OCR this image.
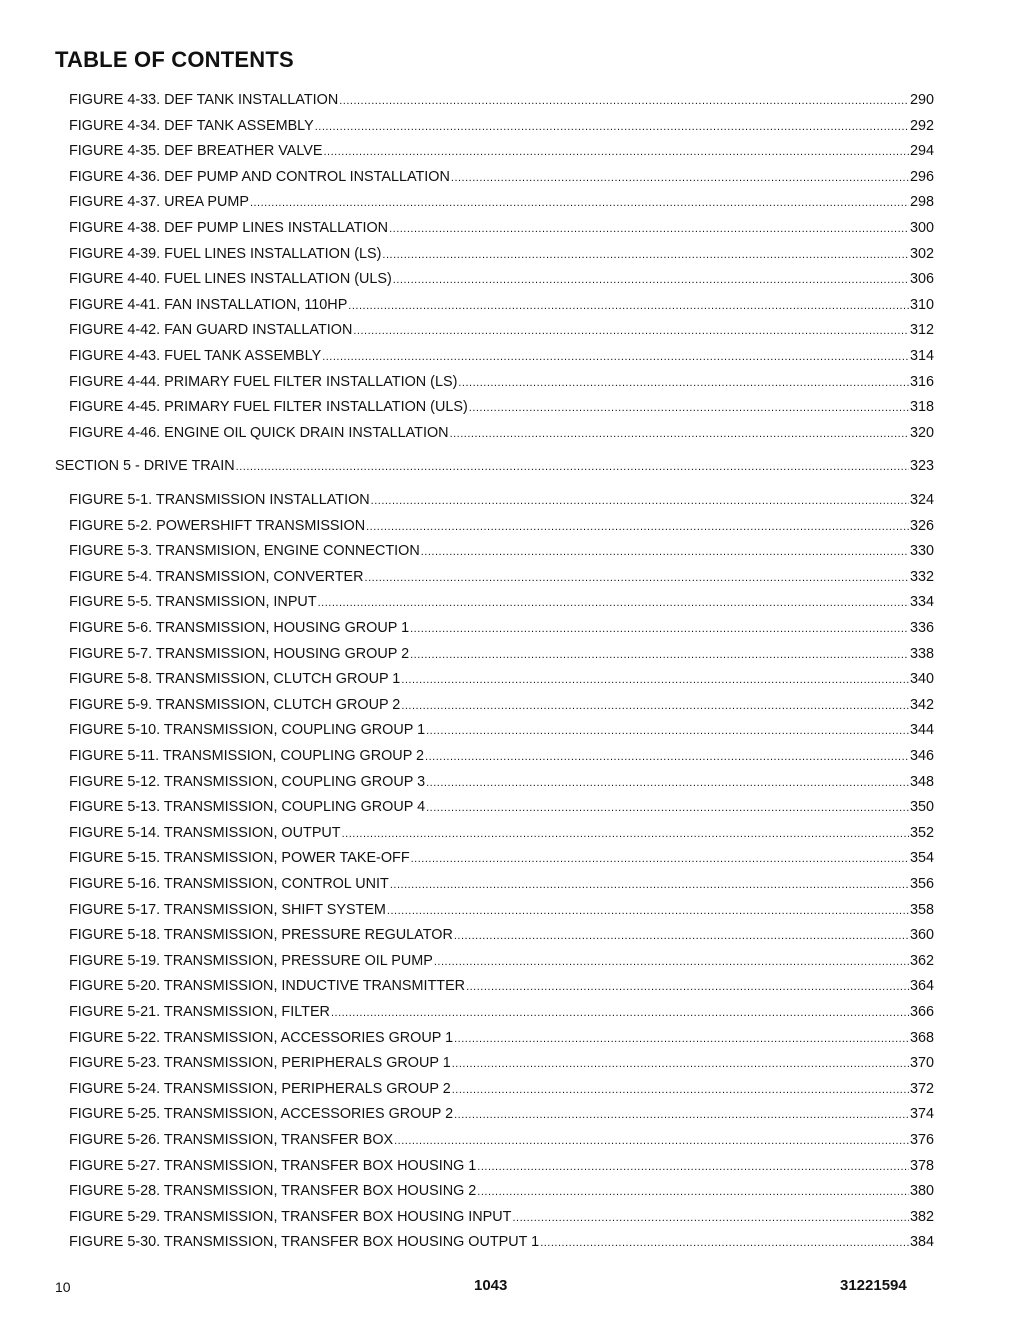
TABLE OF CONTENTS
FIGURE 4-33. DEF TANK INSTALLATION .....	290
FIGURE 4-34. DEF TANK ASSEMBLY .....	292
FIGURE 4-35. DEF BREATHER VALVE .....	294
FIGURE 4-36. DEF PUMP AND CONTROL INSTALLATION .....	296
FIGURE 4-37. UREA PUMP .....	298
FIGURE 4-38. DEF PUMP LINES INSTALLATION .....	300
FIGURE 4-39. FUEL LINES INSTALLATION (LS) .....	302
FIGURE 4-40. FUEL LINES INSTALLATION (ULS) .....	306
FIGURE 4-41. FAN INSTALLATION, 110HP .....	310
FIGURE 4-42. FAN GUARD INSTALLATION .....	312
FIGURE 4-43. FUEL TANK ASSEMBLY .....	314
FIGURE 4-44. PRIMARY FUEL FILTER INSTALLATION (LS) .....	316
FIGURE 4-45. PRIMARY FUEL FILTER INSTALLATION (ULS) .....	318
FIGURE 4-46. ENGINE OIL QUICK DRAIN INSTALLATION .....	320
SECTION 5 - DRIVE TRAIN .....	323
FIGURE 5-1. TRANSMISSION INSTALLATION .....	324
FIGURE 5-2. POWERSHIFT TRANSMISSION .....	326
FIGURE 5-3. TRANSMISION, ENGINE CONNECTION .....	330
FIGURE 5-4. TRANSMISSION, CONVERTER .....	332
FIGURE 5-5. TRANSMISSION, INPUT .....	334
FIGURE 5-6. TRANSMISSION, HOUSING GROUP 1 .....	336
FIGURE 5-7. TRANSMISSION, HOUSING GROUP 2 .....	338
FIGURE 5-8. TRANSMISSION, CLUTCH GROUP 1 .....	340
FIGURE 5-9. TRANSMISSION, CLUTCH GROUP 2 .....	342
FIGURE 5-10. TRANSMISSION, COUPLING GROUP 1 .....	344
FIGURE 5-11. TRANSMISSION, COUPLING GROUP 2 .....	346
FIGURE 5-12. TRANSMISSION, COUPLING GROUP 3 .....	348
FIGURE 5-13. TRANSMISSION, COUPLING GROUP 4 .....	350
FIGURE 5-14. TRANSMISSION, OUTPUT .....	352
FIGURE 5-15. TRANSMISSION, POWER TAKE-OFF .....	354
FIGURE 5-16. TRANSMISSION, CONTROL UNIT .....	356
FIGURE 5-17. TRANSMISSION, SHIFT SYSTEM .....	358
FIGURE 5-18. TRANSMISSION, PRESSURE REGULATOR .....	360
FIGURE 5-19. TRANSMISSION, PRESSURE OIL PUMP .....	362
FIGURE 5-20. TRANSMISSION, INDUCTIVE TRANSMITTER .....	364
FIGURE 5-21. TRANSMISSION, FILTER .....	366
FIGURE 5-22. TRANSMISSION, ACCESSORIES GROUP 1 .....	368
FIGURE 5-23. TRANSMISSION, PERIPHERALS GROUP 1 .....	370
FIGURE 5-24. TRANSMISSION, PERIPHERALS GROUP 2 .....	372
FIGURE 5-25. TRANSMISSION, ACCESSORIES GROUP 2 .....	374
FIGURE 5-26. TRANSMISSION, TRANSFER BOX .....	376
FIGURE 5-27. TRANSMISSION, TRANSFER BOX HOUSING 1 .....	378
FIGURE 5-28. TRANSMISSION, TRANSFER BOX HOUSING 2 .....	380
FIGURE 5-29. TRANSMISSION, TRANSFER BOX HOUSING INPUT .....	382
FIGURE 5-30. TRANSMISSION, TRANSFER BOX HOUSING OUTPUT 1 .....	384
10	1043	31221594
